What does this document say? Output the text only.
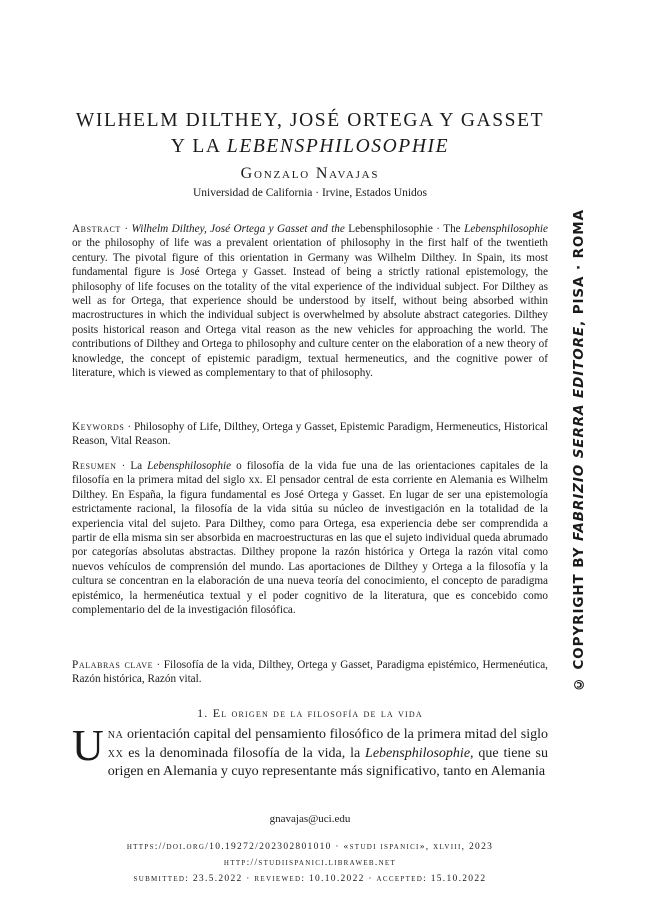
WILHELM DILTHEY, JOSÉ ORTEGA Y GASSET
Y LA LEBENSPHILOSOPHIE
Gonzalo Navajas
Universidad de California · Irvine, Estados Unidos
Abstract · Wilhelm Dilthey, José Ortega y Gasset and the Lebensphilosophie · The Lebensphilosophie or the philosophy of life was a prevalent orientation of philosophy in the first half of the twentieth century. The pivotal figure of this orientation in Germany was Wilhelm Dilthey. In Spain, its most fundamental figure is José Ortega y Gasset. Instead of being a strictly rational epistemology, the philosophy of life focuses on the totality of the vital experience of the individual subject. For Dilthey as well as for Ortega, that experience should be understood by itself, without being absorbed within macrostructures in which the individual subject is overwhelmed by absolute abstract categories. Dilthey posits historical reason and Ortega vital reason as the new vehicles for approaching the world. The contributions of Dilthey and Ortega to philosophy and culture center on the elaboration of a new theory of knowledge, the concept of epistemic paradigm, textual hermeneutics, and the cognitive power of literature, which is viewed as complementary to that of philosophy.
Keywords · Philosophy of Life, Dilthey, Ortega y Gasset, Epistemic Paradigm, Hermeneutics, Historical Reason, Vital Reason.
Resumen · La Lebensphilosophie o filosofía de la vida fue una de las orientaciones capitales de la filosofía en la primera mitad del siglo xx. El pensador central de esta corriente en Alemania es Wilhelm Dilthey. En España, la figura fundamental es José Ortega y Gasset. En lugar de ser una epistemología estrictamente racional, la filosofía de la vida sitúa su núcleo de investigación en la totalidad de la experiencia vital del sujeto. Para Dilthey, como para Ortega, esa experiencia debe ser comprendida a partir de ella misma sin ser absorbida en macroestructuras en las que el sujeto individual queda abrumado por categorías absolutas abstractas. Dilthey propone la razón histórica y Ortega la razón vital como nuevos vehículos de comprensión del mundo. Las aportaciones de Dilthey y Ortega a la filosofía y la cultura se concentran en la elaboración de una nueva teoría del conocimiento, el concepto de paradigma epistémico, la hermenéutica textual y el poder cognitivo de la literatura, que es concebido como complementario del de la investigación filosófica.
Palabras clave · Filosofía de la vida, Dilthey, Ortega y Gasset, Paradigma epistémico, Hermenéutica, Razón histórica, Razón vital.
1. El origen de la filosofía de la vida
Una orientación capital del pensamiento filosófico de la primera mitad del siglo xx es la denominada filosofía de la vida, la Lebensphilosophie, que tiene su origen en Alemania y cuyo representante más significativo, tanto en Alemania
gnavajas@uci.edu
https://doi.org/10.19272/202302801010 · «studi ispanici», xlviii, 2023
http://studiispanici.libraweb.net
submitted: 23.5.2022 · reviewed: 10.10.2022 · accepted: 15.10.2022
© COPYRIGHT BY FABRIZIO SERRA EDITORE, PISA · ROMA
